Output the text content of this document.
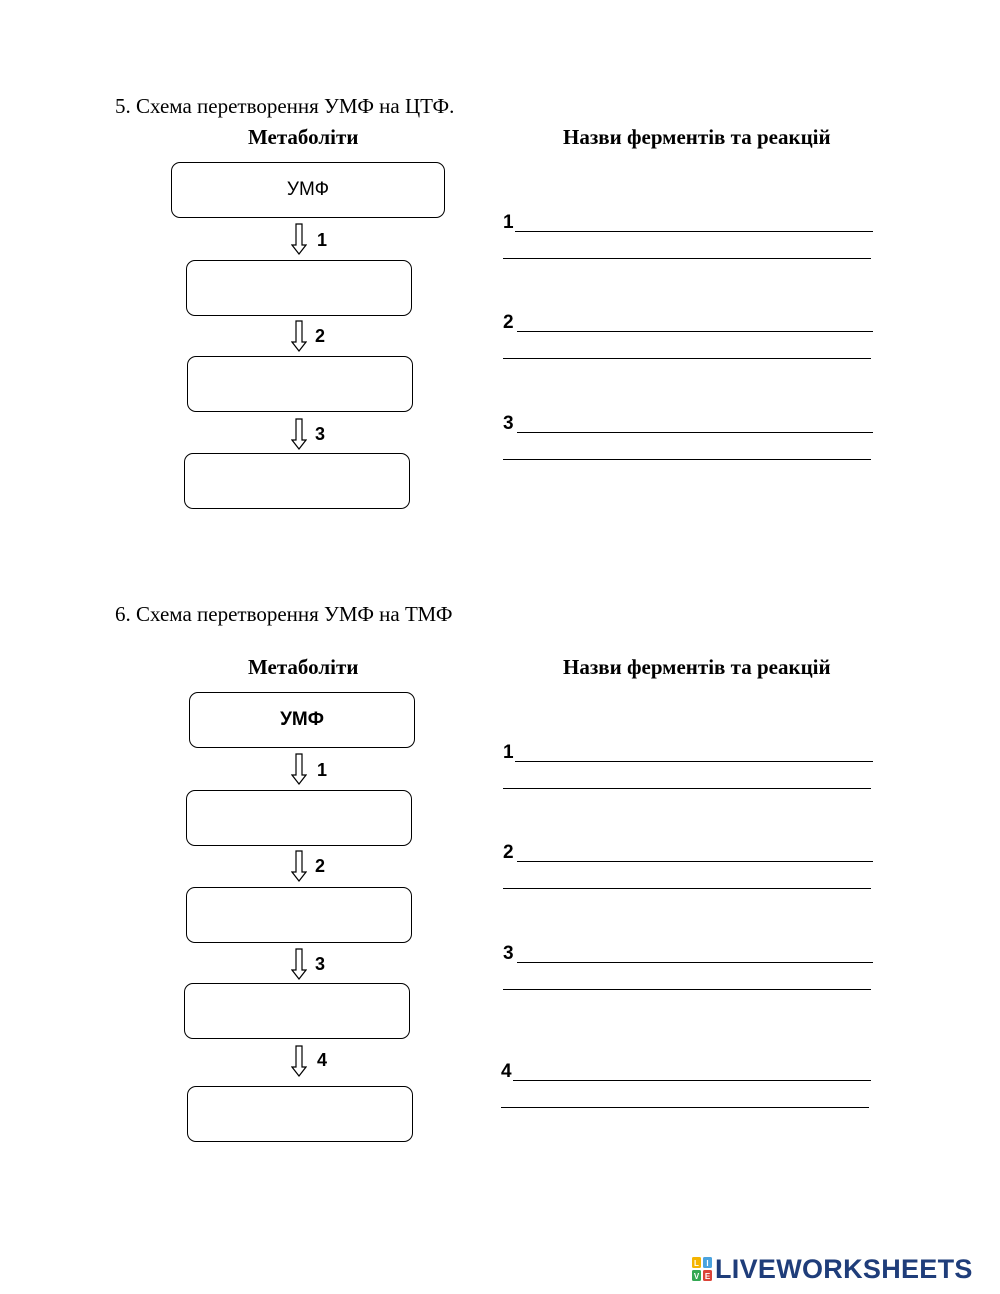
5. Схема перетворення УМФ на ЦТФ.
Метаболіти	Назви ферментів та реакцій
УМФ
1
2
3
1
2
3
6. Схема перетворення УМФ на ТМФ
Метаболіти	Назви ферментів та реакцій
УМФ
1
2
3
4
1
2
3
4
L I
V E LIVEWORKSHEETS
